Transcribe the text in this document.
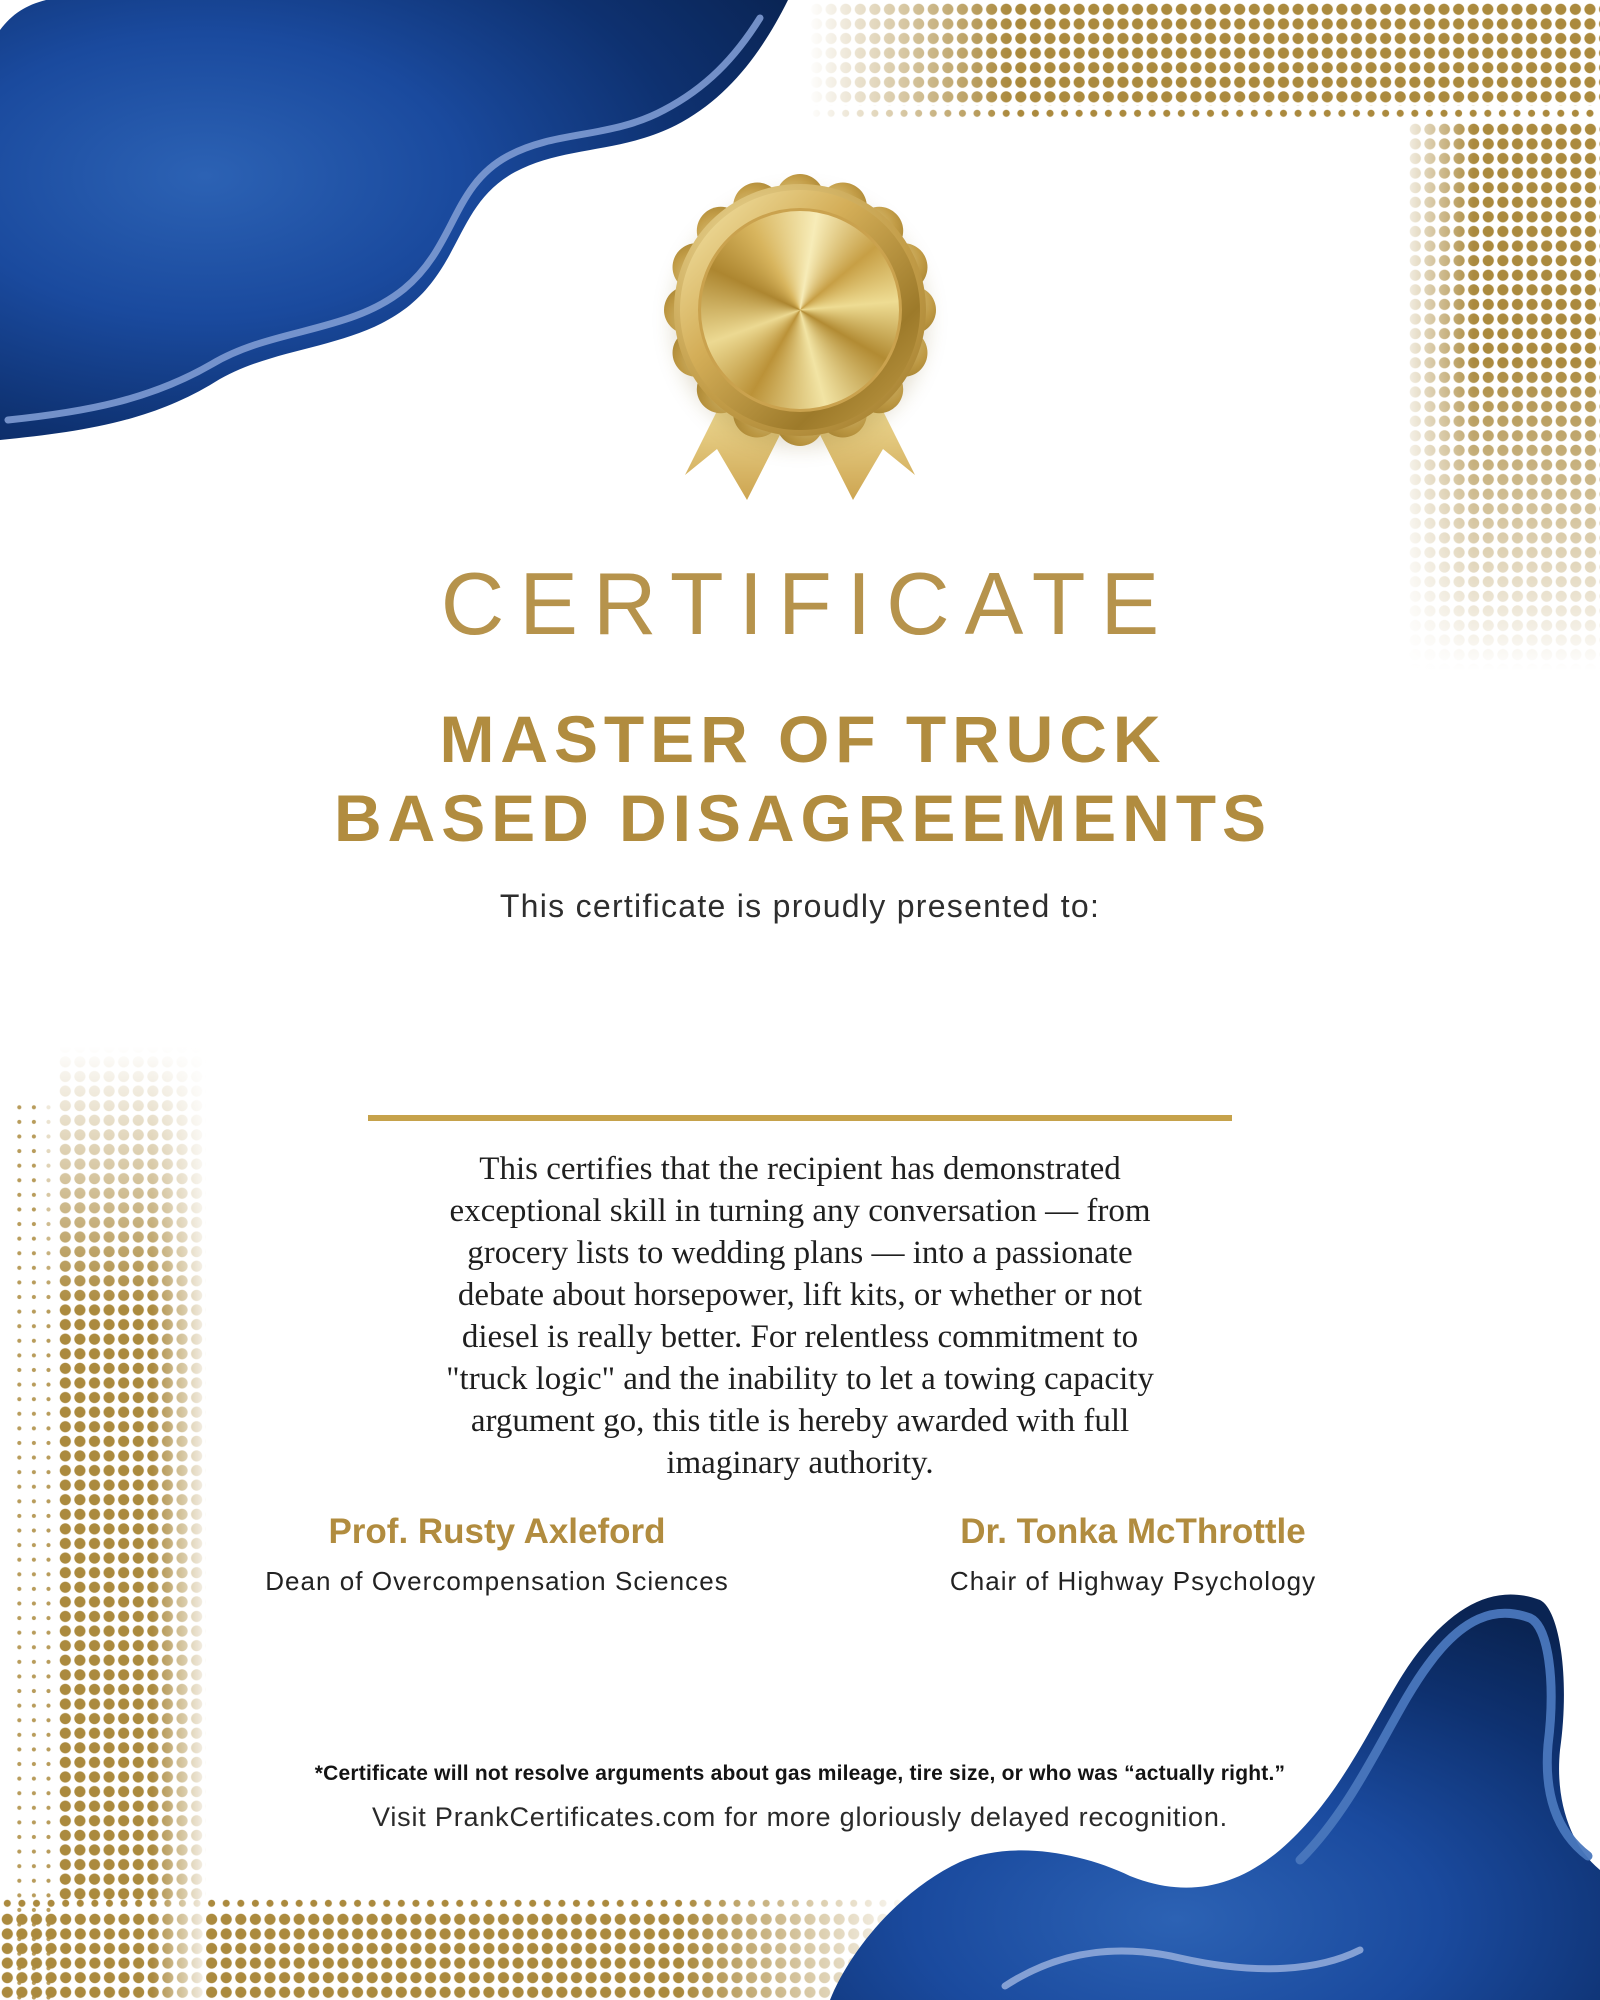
CERTIFICATE
MASTER OF TRUCK
BASED DISAGREEMENTS
This certificate is proudly presented to:
This certifies that the recipient has demonstrated
exceptional skill in turning any conversation — from
grocery lists to wedding plans — into a passionate
debate about horsepower, lift kits, or whether or not
diesel is really better. For relentless commitment to
"truck logic" and the inability to let a towing capacity
argument go, this title is hereby awarded with full
imaginary authority.
Prof. Rusty Axleford
Dean of Overcompensation Sciences
Dr. Tonka McThrottle
Chair of Highway Psychology
*Certificate will not resolve arguments about gas mileage, tire size, or who was “actually right.”
Visit PrankCertificates.com for more gloriously delayed recognition.
